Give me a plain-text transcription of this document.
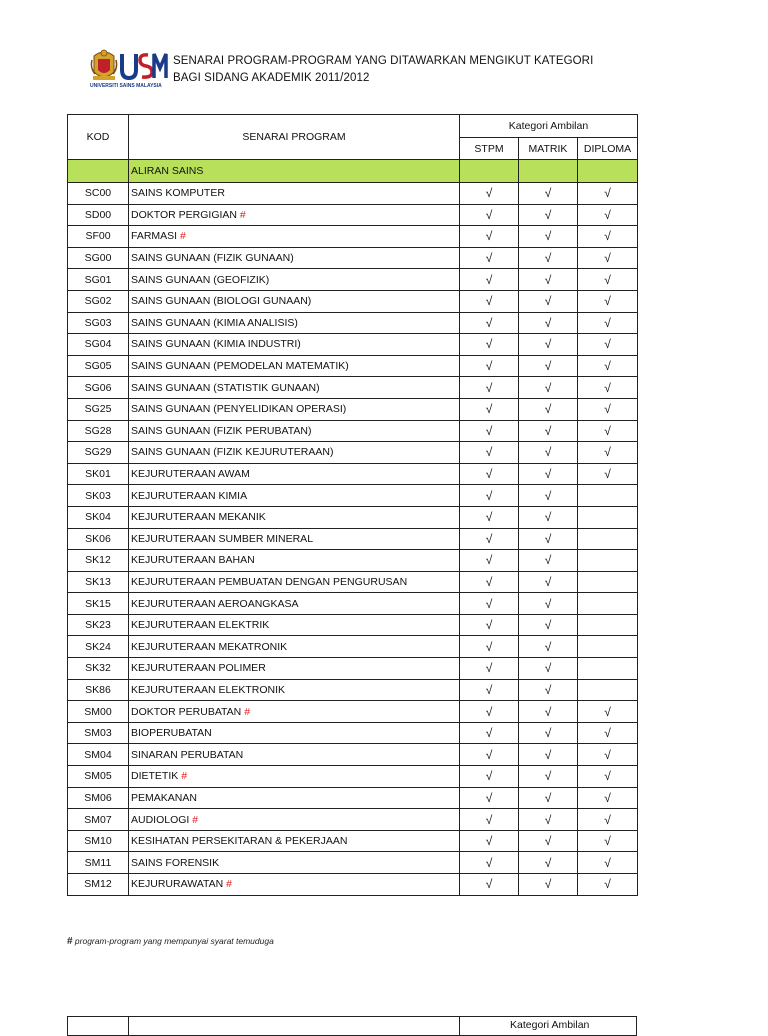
UNIVERSITI SAINS MALAYSIA
SENARAI PROGRAM-PROGRAM YANG DITAWARKAN MENGIKUT KATEGORI
BAGI SIDANG AKADEMIK 2011/2012
KOD	SENARAI PROGRAM	Kategori Ambilan		
		STPM	MATRIK	DIPLOMA
	ALIRAN SAINS			
SC00	SAINS KOMPUTER	√	√	√
SD00	DOKTOR PERGIGIAN #	√	√	√
SF00	FARMASI #	√	√	√
SG00	SAINS GUNAAN (FIZIK GUNAAN)	√	√	√
SG01	SAINS GUNAAN (GEOFIZIK)	√	√	√
SG02	SAINS GUNAAN (BIOLOGI GUNAAN)	√	√	√
SG03	SAINS GUNAAN (KIMIA ANALISIS)	√	√	√
SG04	SAINS GUNAAN (KIMIA INDUSTRI)	√	√	√
SG05	SAINS GUNAAN (PEMODELAN MATEMATIK)	√	√	√
SG06	SAINS GUNAAN (STATISTIK GUNAAN)	√	√	√
SG25	SAINS GUNAAN (PENYELIDIKAN OPERASI)	√	√	√
SG28	SAINS GUNAAN (FIZIK PERUBATAN)	√	√	√
SG29	SAINS GUNAAN (FIZIK KEJURUTERAAN)	√	√	√
SK01	KEJURUTERAAN AWAM	√	√	√
SK03	KEJURUTERAAN KIMIA	√	√	
SK04	KEJURUTERAAN MEKANIK	√	√	
SK06	KEJURUTERAAN SUMBER MINERAL	√	√	
SK12	KEJURUTERAAN BAHAN	√	√	
SK13	KEJURUTERAAN PEMBUATAN DENGAN PENGURUSAN	√	√	
SK15	KEJURUTERAAN AEROANGKASA	√	√	
SK23	KEJURUTERAAN ELEKTRIK	√	√	
SK24	KEJURUTERAAN MEKATRONIK	√	√	
SK32	KEJURUTERAAN POLIMER	√	√	
SK86	KEJURUTERAAN ELEKTRONIK	√	√	
SM00	DOKTOR PERUBATAN #	√	√	√
SM03	BIOPERUBATAN	√	√	√
SM04	SINARAN PERUBATAN	√	√	√
SM05	DIETETIK #	√	√	√
SM06	PEMAKANAN	√	√	√
SM07	AUDIOLOGI #	√	√	√
SM10	KESIHATAN PERSEKITARAN & PEKERJAAN	√	√	√
SM11	SAINS FORENSIK	√	√	√
SM12	KEJURURAWATAN #	√	√	√
# program-program yang mempunyai syarat temuduga
Kategori Ambilan
